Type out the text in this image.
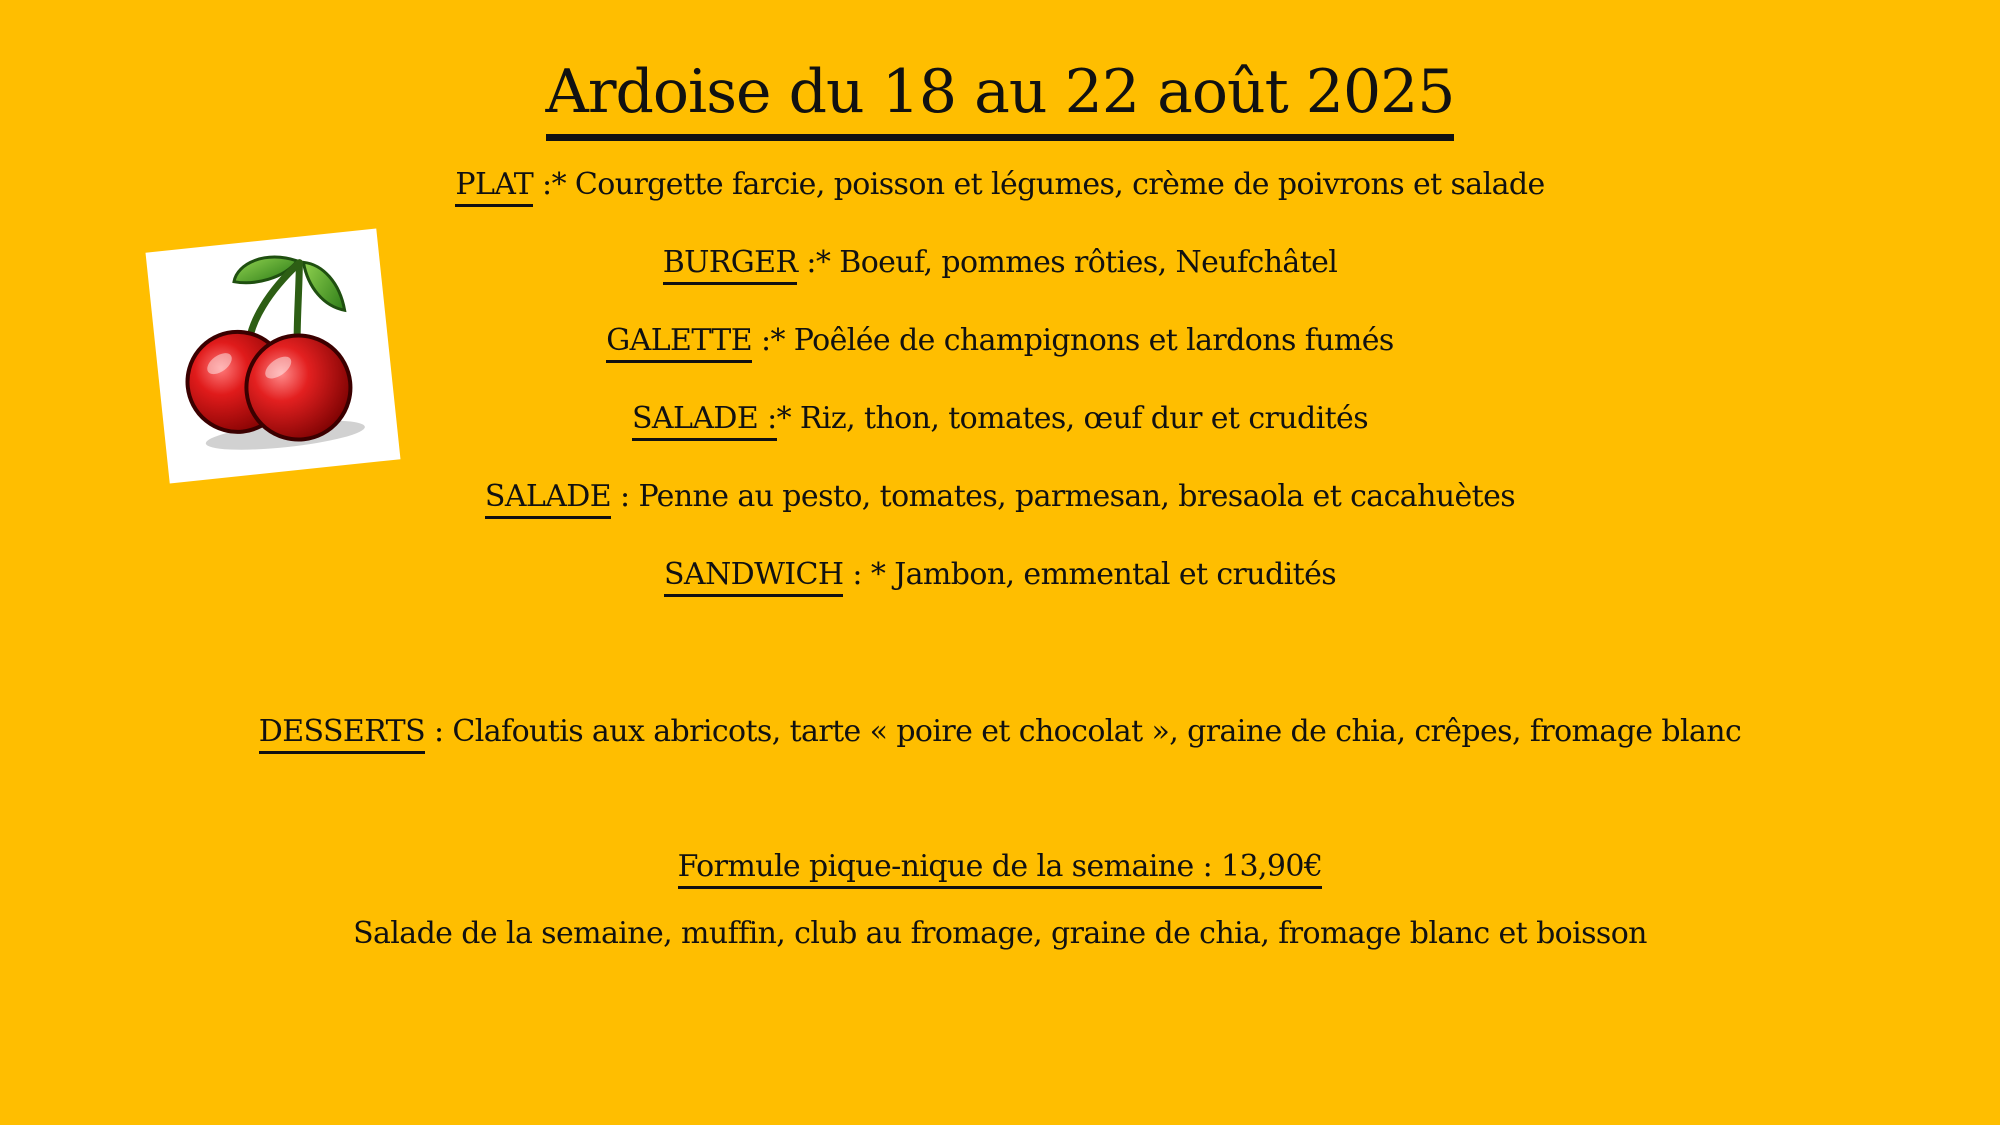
Ardoise du 18 au 22 août 2025
PLAT :* Courgette farcie, poisson et légumes, crème de poivrons et salade
BURGER :* Boeuf, pommes rôties, Neufchâtel
GALETTE :* Poêlée de champignons et lardons fumés
SALADE :* Riz, thon, tomates, œuf dur et crudités
SALADE : Penne au pesto, tomates, parmesan, bresaola et cacahuètes
SANDWICH : * Jambon, emmental et crudités
DESSERTS : Clafoutis aux abricots, tarte « poire et chocolat », graine de chia, crêpes, fromage blanc
Formule pique-nique de la semaine : 13,90€
Salade de la semaine, muffin, club au fromage, graine de chia, fromage blanc et boisson
